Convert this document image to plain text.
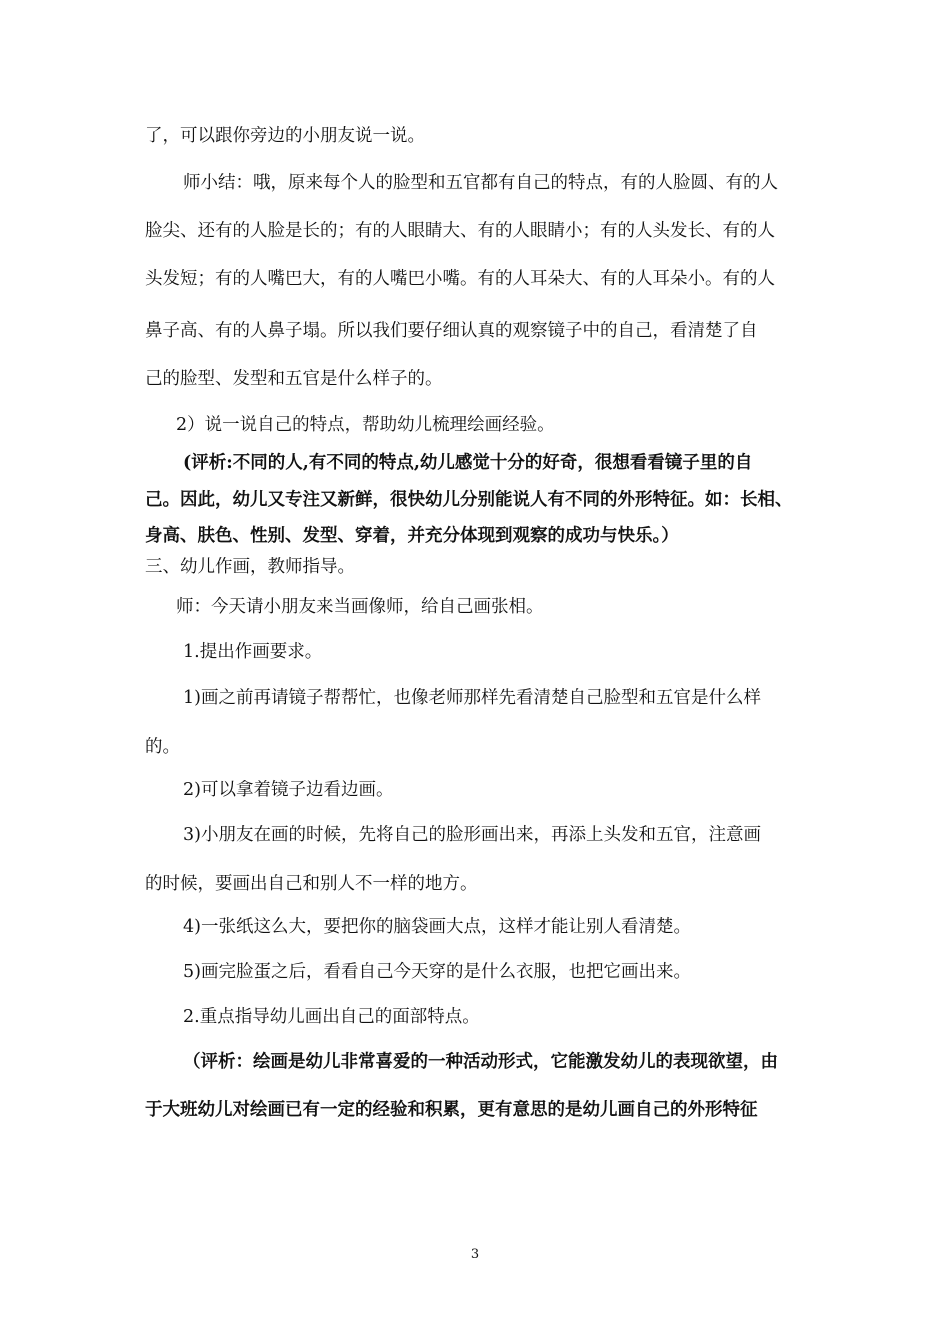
了，可以跟你旁边的小朋友说一说。
师小结：哦，原来每个人的脸型和五官都有自己的特点，有的人脸圆、有的人
脸尖、还有的人脸是长的；有的人眼睛大、有的人眼睛小；有的人头发长、有的人
头发短；有的人嘴巴大，有的人嘴巴小嘴。有的人耳朵大、有的人耳朵小。有的人
鼻子高、有的人鼻子塌。所以我们要仔细认真的观察镜子中的自己，看清楚了自
己的脸型、发型和五官是什么样子的。
2）说一说自己的特点，帮助幼儿梳理绘画经验。
(评析:不同的人,有不同的特点,幼儿感觉十分的好奇，很想看看镜子里的自
己。因此，幼儿又专注又新鲜，很快幼儿分别能说人有不同的外形特征。如：长相、
身高、肤色、性别、发型、穿着，并充分体现到观察的成功与快乐。）
三、幼儿作画，教师指导。
师：今天请小朋友来当画像师，给自己画张相。
1.提出作画要求。
1)画之前再请镜子帮帮忙，也像老师那样先看清楚自己脸型和五官是什么样
的。
2)可以拿着镜子边看边画。
3)小朋友在画的时候，先将自己的脸形画出来，再添上头发和五官，注意画
的时候，要画出自己和别人不一样的地方。
4)一张纸这么大，要把你的脑袋画大点，这样才能让别人看清楚。
5)画完脸蛋之后，看看自己今天穿的是什么衣服，也把它画出来。
2.重点指导幼儿画出自己的面部特点。
（评析：绘画是幼儿非常喜爱的一种活动形式，它能激发幼儿的表现欲望，由
于大班幼儿对绘画已有一定的经验和积累，更有意思的是幼儿画自己的外形特征
3
